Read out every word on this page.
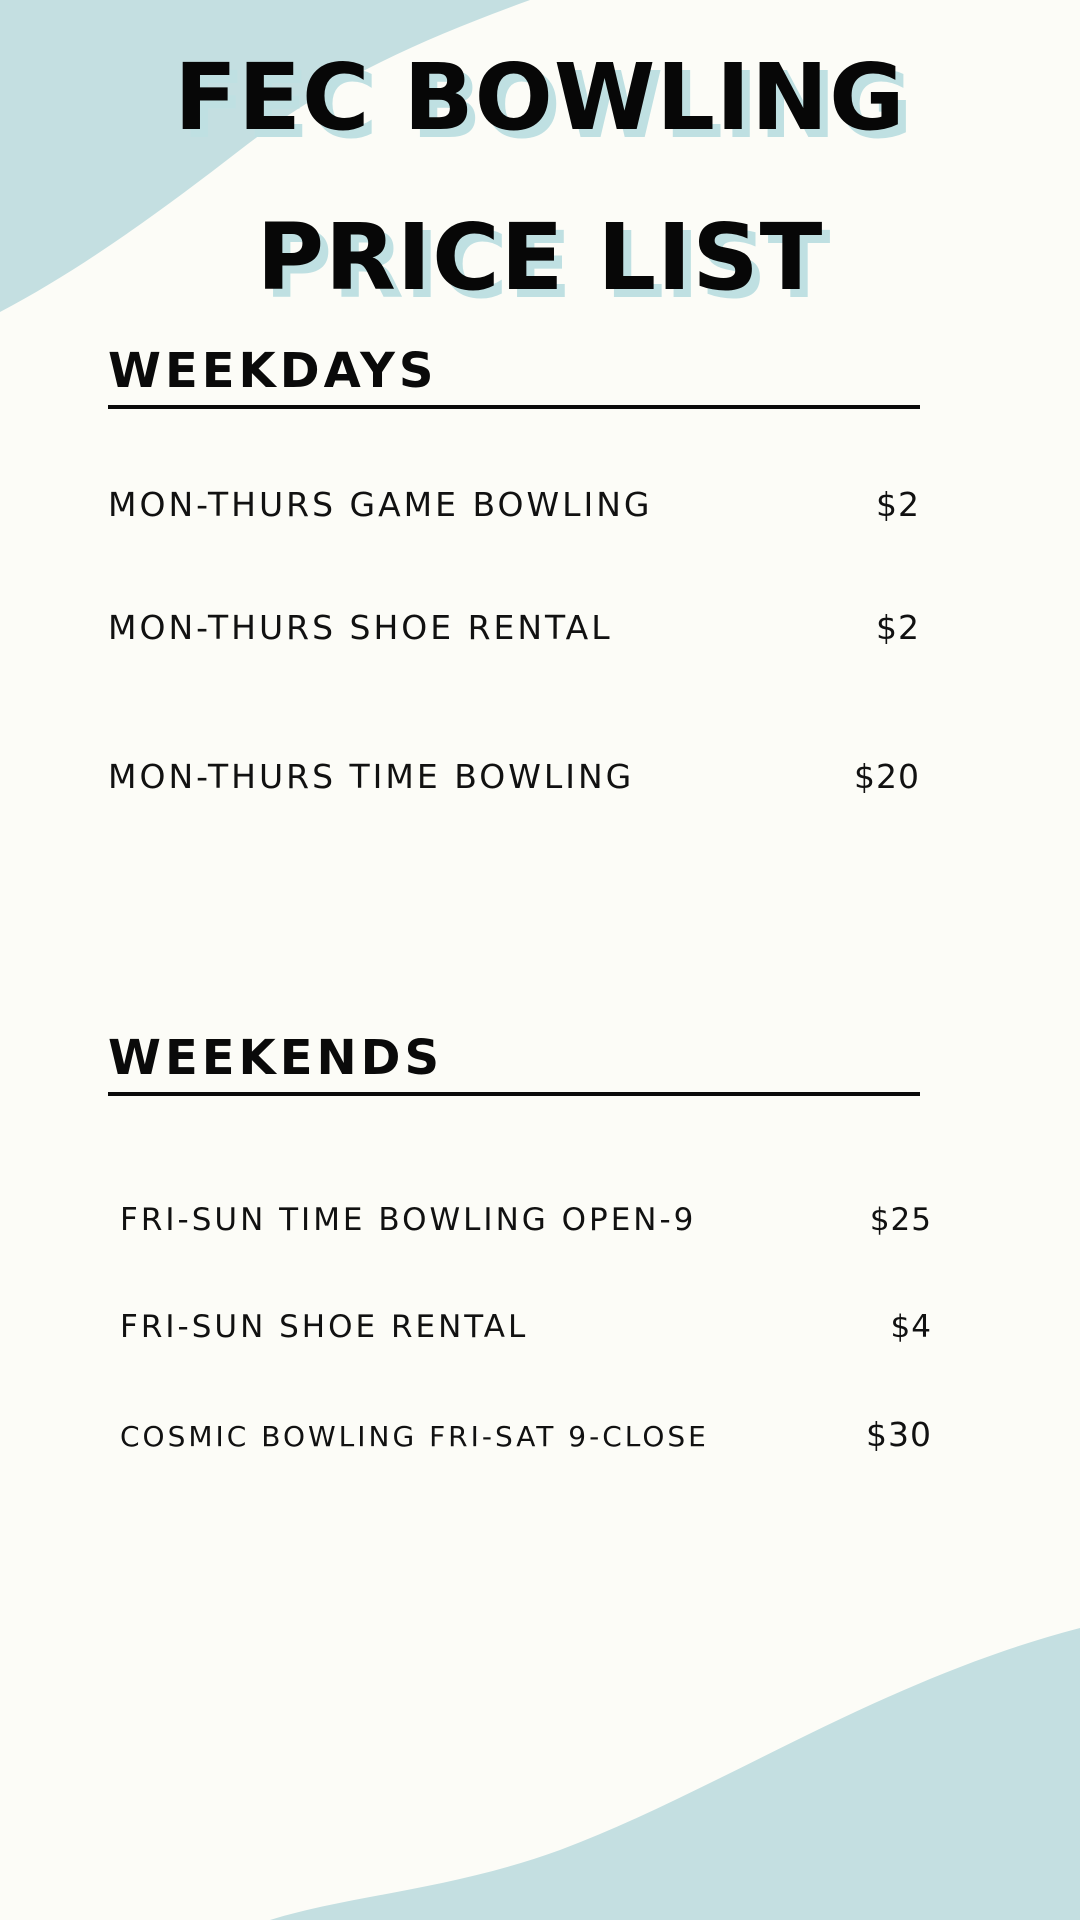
FEC BOWLING
PRICE LIST
WEEKDAYS
MON-THURS GAME BOWLING	$2
MON-THURS SHOE RENTAL	$2
MON-THURS TIME BOWLING	$20
WEEKENDS
FRI-SUN TIME BOWLING OPEN-9	$25
FRI-SUN SHOE RENTAL	$4
COSMIC BOWLING FRI-SAT 9-CLOSE	$30
